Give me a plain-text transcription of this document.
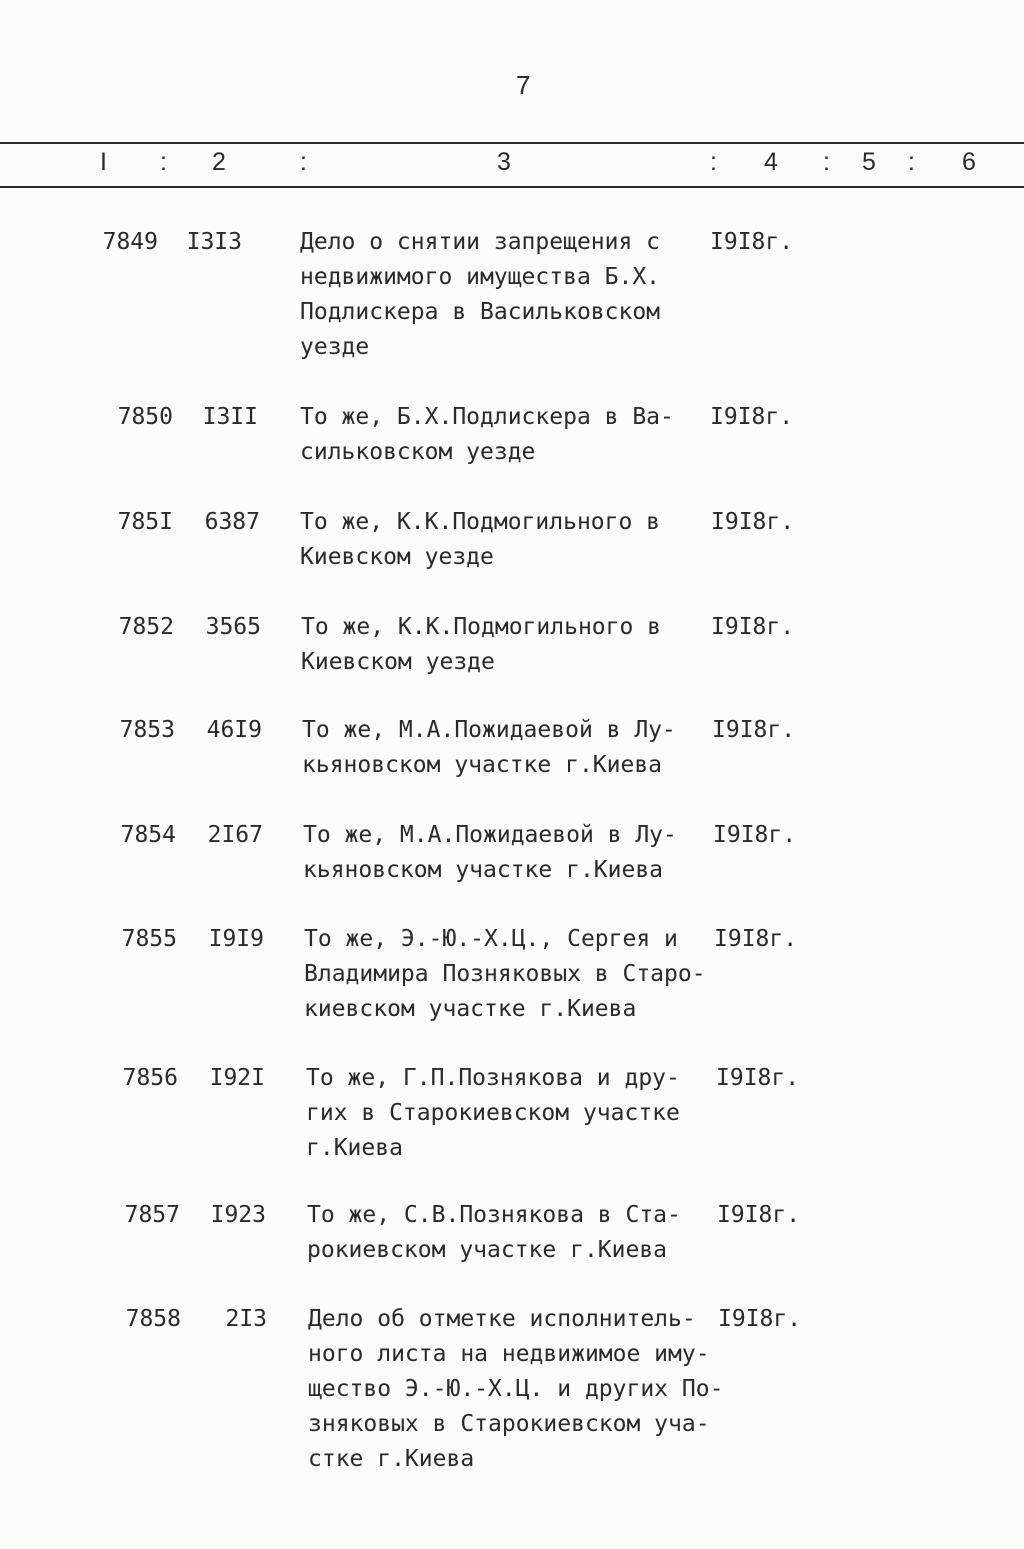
7
I : 2	:	3	: 4 : 5 : 6
7849	I3I3	Дело о снятии запрещения с
недвижимого имущества Б.Х.
Подлискера в Васильковском
уезде
I9I8г.
7850	I3II То же, Б.Х.Подлискера в Ва-
сильковском уезде
I9I8г.
785I	6387 То же, К.К.Подмогильного в
Киевском уезде
I9I8г.
7852	3565 То же, К.К.Подмогильного в
Киевском уезде
I9I8г.
7853	46I9 То же, М.А.Пожидаевой в Лу-
кьяновском участке г.Киева
I9I8г.
7854	2I67 То же, М.А.Пожидаевой в Лу-
кьяновском участке г.Киева
I9I8г.
7855	I9I9 То же, Э.-Ю.-Х.Ц., Сергея и
Владимира Позняковых в Старо-
киевском участке г.Киева
I9I8г.
7856	I92I То же, Г.П.Познякова и дру-
гих в Старокиевском участке
г.Киева
I9I8г.
7857	I923 То же, С.В.Познякова в Ста-
рокиевском участке г.Киева
I9I8г.
7858	2I3 Дело об отметке исполнитель-
ного листа на недвижимое иму-
щество Э.-Ю.-Х.Ц. и других По-
зняковых в Старокиевском уча-
стке г.Киева
I9I8г.
